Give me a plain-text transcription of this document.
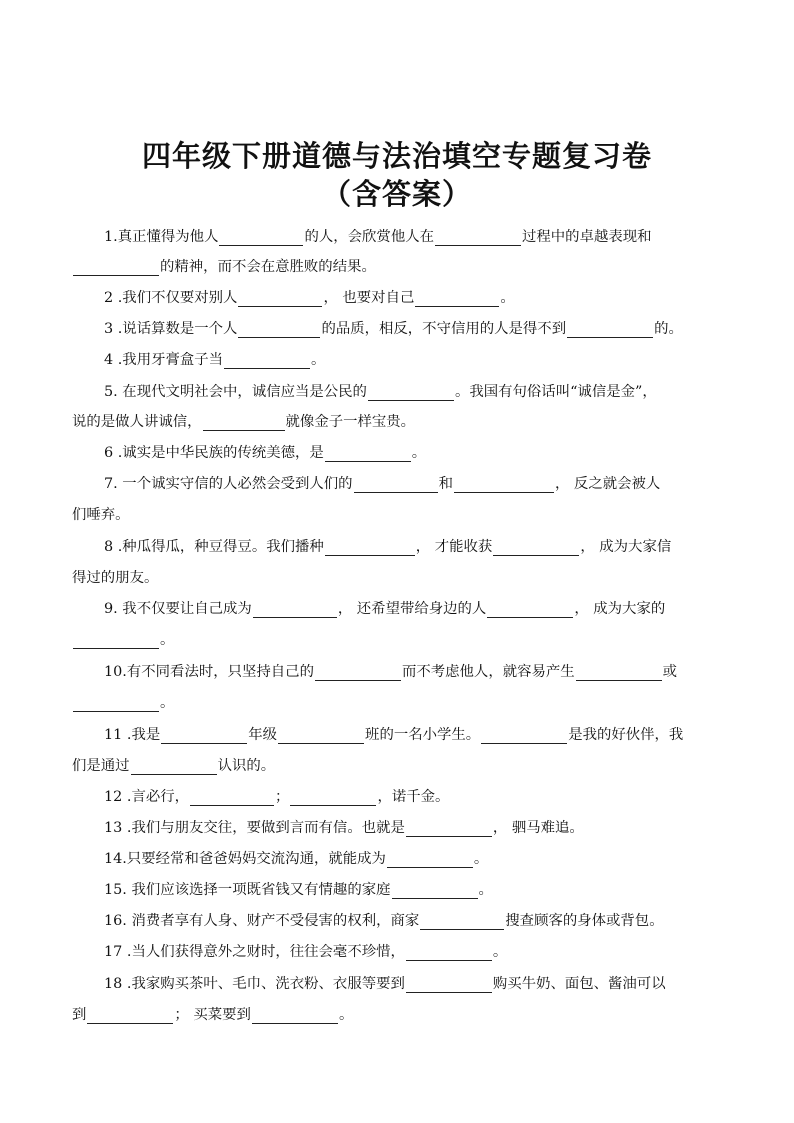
四年级下册道德与法治填空专题复习卷
（含答案）
1.真正懂得为他人	的人，会欣赏他人在	过程中的卓越表现和
的精神，而不会在意胜败的结果。
2 .我们不仅要对别人	， 也要对自己	。
3 .说话算数是一个人	的品质，相反，不守信用的人是得不到	的。
4 .我用牙膏盒子当	。
5. 在现代文明社会中，诚信应当是公民的	。我国有句俗话叫“诚信是金”，
说的是做人讲诚信，	就像金子一样宝贵。
6 .诚实是中华民族的传统美德，是	。
7. 一个诚实守信的人必然会受到人们的	和	， 反之就会被人
们唾弃。
8 .种瓜得瓜，种豆得豆。我们播种	， 才能收获	， 成为大家信
得过的朋友。
9. 我不仅要让自己成为	， 还希望带给身边的人	， 成为大家的
。
10.有不同看法时，只坚持自己的	而不考虑他人，就容易产生	或
。
11 .我是	年级	班的一名小学生。	是我的好伙伴，我
们是通过	认识的。
12 .言必行，	；	，诺千金。
13 .我们与朋友交往，要做到言而有信。也就是	， 驷马难追。
14.只要经常和爸爸妈妈交流沟通，就能成为	。
15. 我们应该选择一项既省钱又有情趣的家庭	。
16. 消费者享有人身、财产不受侵害的权利，商家	搜查顾客的身体或背包。
17 .当人们获得意外之财时，往往会毫不珍惜，	。
18 .我家购买茶叶、毛巾、洗衣粉、衣服等要到	购买牛奶、面包、酱油可以
到	； 买菜要到	。
